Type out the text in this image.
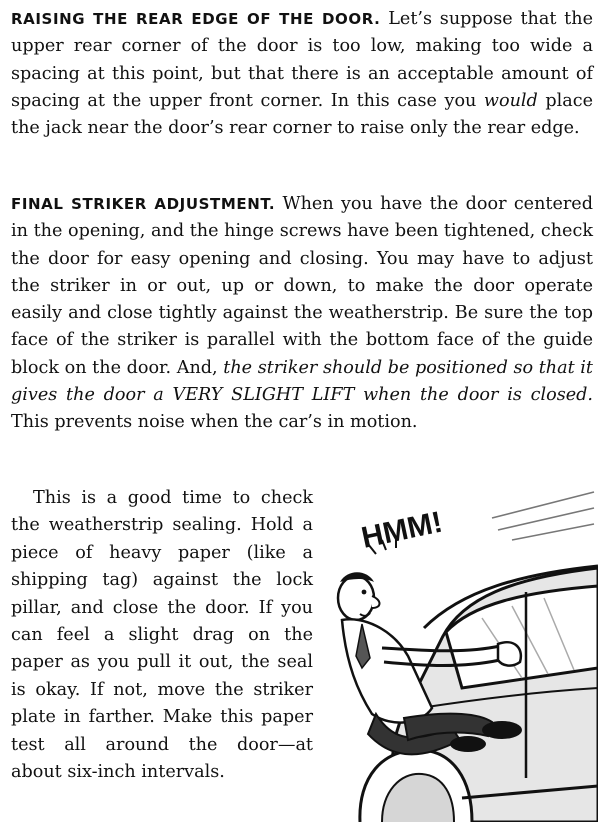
RAISING THE REAR EDGE OF THE DOOR. Let’s suppose that the upper rear corner of the door is too low, making too wide a spacing at this point, but that there is an acceptable amount of spacing at the upper front corner. In this case you would place the jack near the door’s rear corner to raise only the rear edge.

FINAL STRIKER ADJUSTMENT. When you have the door centered in the opening, and the hinge screws have been tightened, check the door for easy opening and closing. You may have to adjust the striker in or out, up or down, to make the door operate easily and close tightly against the weatherstrip. Be sure the top face of the striker is parallel with the bottom face of the guide block on the door. And, the striker should be positioned so that it gives the door a VERY SLIGHT LIFT when the door is closed. This prevents noise when the car’s in motion.

This is a good time to check the weatherstrip sealing. Hold a piece of heavy paper (like a shipping tag) against the lock pillar, and close the door. If you can feel a slight drag on the paper as you pull it out, the seal is okay. If not, move the striker plate in farther. Make this paper test all around the door—at about six-inch intervals.

HMM!
